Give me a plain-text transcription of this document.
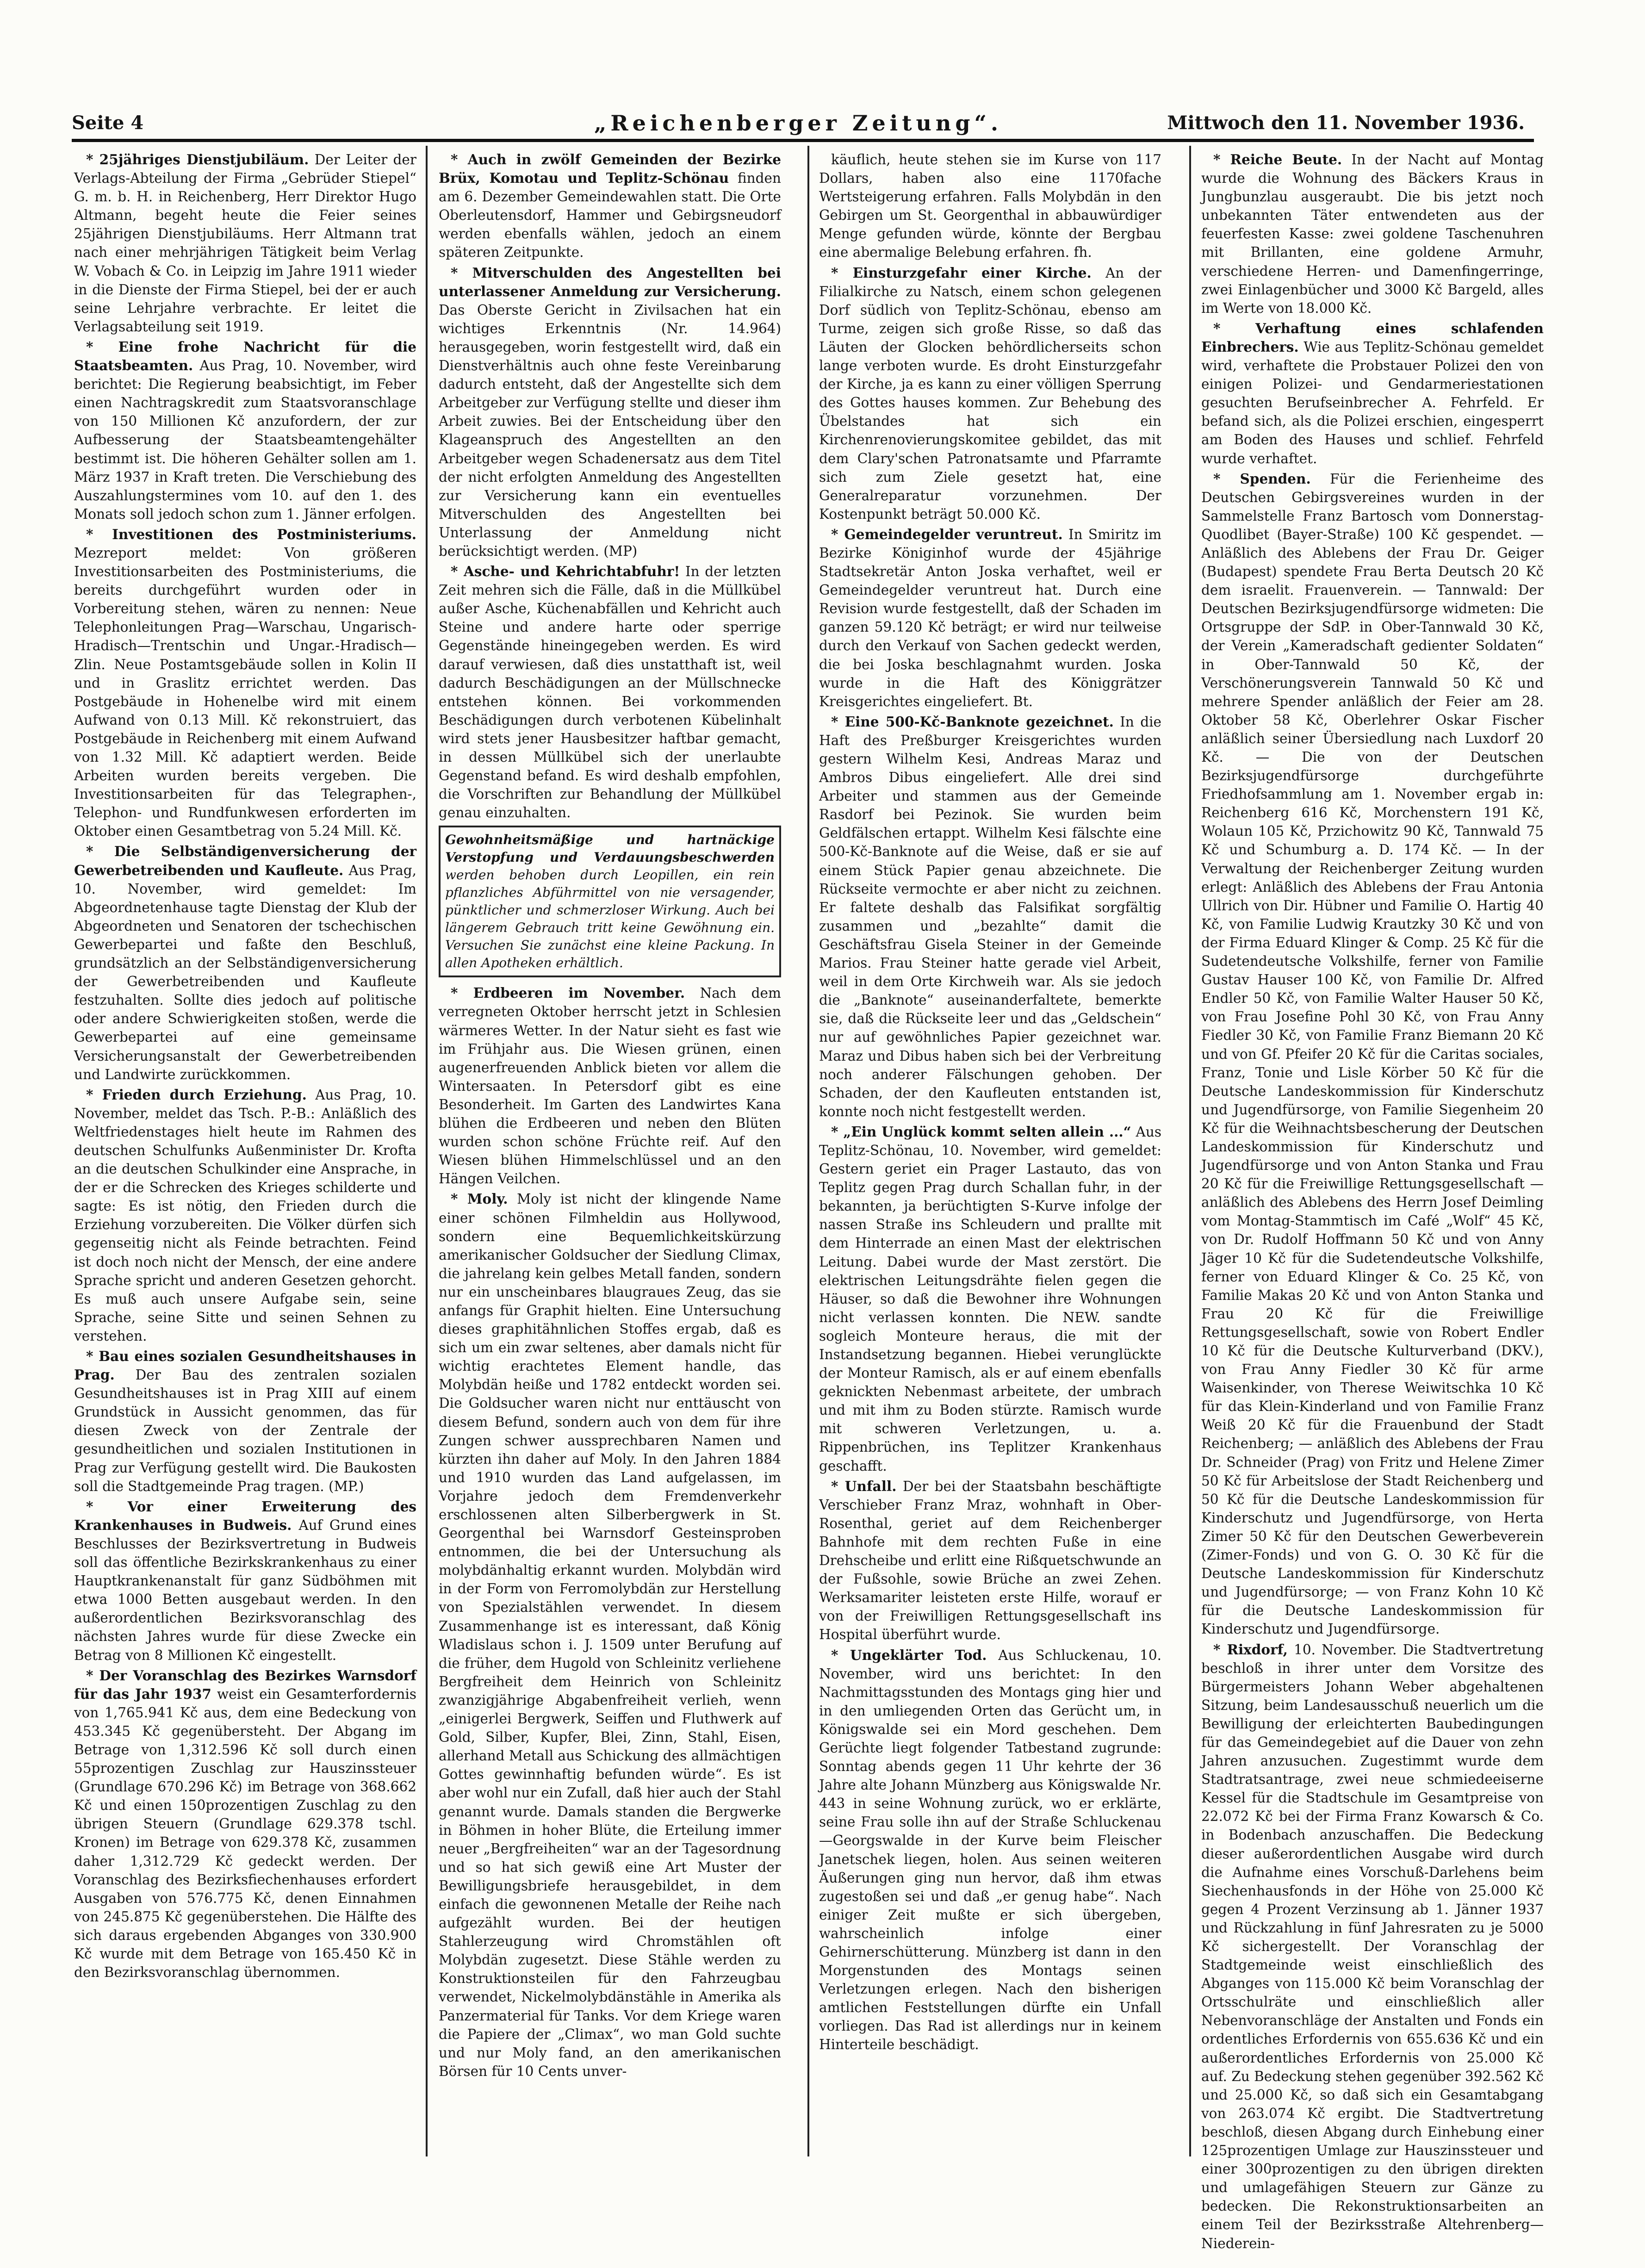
Seite 4	„Reichenberger Zeitung“.	Mittwoch den 11. November 1936.
* 25jähriges Dienstjubiläum. Der Leiter der Verlags-Abteilung der Firma „Gebrüder Stiepel“ G. m. b. H. in Reichenberg, Herr Direktor Hugo Altmann, begeht heute die Feier seines 25jährigen Dienstjubiläums. Herr Altmann trat nach einer mehrjährigen Tätigkeit beim Verlag W. Vobach & Co. in Leipzig im Jahre 1911 wieder in die Dienste der Firma Stiepel, bei der er auch seine Lehrjahre verbrachte. Er leitet die Verlagsabteilung seit 1919.
* Eine frohe Nachricht für die Staatsbeamten. Aus Prag, 10. November, wird berichtet: Die Regierung beabsichtigt, im Feber einen Nachtragskredit zum Staatsvoranschlage von 150 Millionen Kč anzufordern, der zur Aufbesserung der Staatsbeamtengehälter bestimmt ist. Die höheren Gehälter sollen am 1. März 1937 in Kraft treten. Die Verschiebung des Auszahlungstermines vom 10. auf den 1. des Monats soll jedoch schon zum 1. Jänner erfolgen.
* Investitionen des Postministeriums. Mezreport meldet: Von größeren Investitionsarbeiten des Postministeriums, die bereits durchgeführt wurden oder in Vorbereitung stehen, wären zu nennen: Neue Telephonleitungen Prag—Warschau, Ungarisch-Hradisch—Trentschin und Ungar.-Hradisch—Zlin. Neue Postamtsgebäude sollen in Kolin II und in Graslitz errichtet werden. Das Postgebäude in Hohenelbe wird mit einem Aufwand von 0.13 Mill. Kč rekonstruiert, das Postgebäude in Reichenberg mit einem Aufwand von 1.32 Mill. Kč adaptiert werden. Beide Arbeiten wurden bereits vergeben. Die Investitionsarbeiten für das Telegraphen-, Telephon- und Rundfunkwesen erforderten im Oktober einen Gesamtbetrag von 5.24 Mill. Kč.
* Die Selbständigenversicherung der Gewerbetreibenden und Kaufleute. Aus Prag, 10. November, wird gemeldet: Im Abgeordnetenhause tagte Dienstag der Klub der Abgeordneten und Senatoren der tschechischen Gewerbepartei und faßte den Beschluß, grundsätzlich an der Selbständigenversicherung der Gewerbetreibenden und Kaufleute festzuhalten. Sollte dies jedoch auf politische oder andere Schwierigkeiten stoßen, werde die Gewerbepartei auf eine gemeinsame Versicherungsanstalt der Gewerbetreibenden und Landwirte zurückkommen.
* Frieden durch Erziehung. Aus Prag, 10. November, meldet das Tsch. P.-B.: Anläßlich des Weltfriedenstages hielt heute im Rahmen des deutschen Schulfunks Außenminister Dr. Krofta an die deutschen Schulkinder eine Ansprache, in der er die Schrecken des Krieges schilderte und sagte: Es ist nötig, den Frieden durch die Erziehung vorzubereiten. Die Völker dürfen sich gegenseitig nicht als Feinde betrachten. Feind ist doch noch nicht der Mensch, der eine andere Sprache spricht und anderen Gesetzen gehorcht. Es muß auch unsere Aufgabe sein, seine Sprache, seine Sitte und seinen Sehnen zu verstehen.
* Bau eines sozialen Gesundheitshauses in Prag. Der Bau des zentralen sozialen Gesundheitshauses ist in Prag XIII auf einem Grundstück in Aussicht genommen, das für diesen Zweck von der Zentrale der gesundheitlichen und sozialen Institutionen in Prag zur Verfügung gestellt wird. Die Baukosten soll die Stadtgemeinde Prag tragen. (MP.)
* Vor einer Erweiterung des Krankenhauses in Budweis. Auf Grund eines Beschlusses der Bezirksvertretung in Budweis soll das öffentliche Bezirkskrankenhaus zu einer Hauptkrankenanstalt für ganz Südböhmen mit etwa 1000 Betten ausgebaut werden. In den außerordentlichen Bezirksvoranschlag des nächsten Jahres wurde für diese Zwecke ein Betrag von 8 Millionen Kč eingestellt.
* Der Voranschlag des Bezirkes Warnsdorf für das Jahr 1937 weist ein Gesamterfordernis von 1,765.941 Kč aus, dem eine Bedeckung von 453.345 Kč gegenübersteht. Der Abgang im Betrage von 1,312.596 Kč soll durch einen 55prozentigen Zuschlag zur Hauszinssteuer (Grundlage 670.296 Kč) im Betrage von 368.662 Kč und einen 150prozentigen Zuschlag zu den übrigen Steuern (Grundlage 629.378 tschl. Kronen) im Betrage von 629.378 Kč, zusammen daher 1,312.729 Kč gedeckt werden. Der Voranschlag des Bezirksfiechenhauses erfordert Ausgaben von 576.775 Kč, denen Einnahmen von 245.875 Kč gegenüberstehen. Die Hälfte des sich daraus ergebenden Abganges von 330.900 Kč wurde mit dem Betrage von 165.450 Kč in den Bezirksvoranschlag übernommen.
* Auch in zwölf Gemeinden der Bezirke Brüx, Komotau und Teplitz-Schönau finden am 6. Dezember Gemeindewahlen statt. Die Orte Oberleutensdorf, Hammer und Gebirgsneudorf werden ebenfalls wählen, jedoch an einem späteren Zeitpunkte.
* Mitverschulden des Angestellten bei unterlassener Anmeldung zur Versicherung. Das Oberste Gericht in Zivilsachen hat ein wichtiges Erkenntnis (Nr. 14.964) herausgegeben, worin festgestellt wird, daß ein Dienstverhältnis auch ohne feste Vereinbarung dadurch entsteht, daß der Angestellte sich dem Arbeitgeber zur Verfügung stellte und dieser ihm Arbeit zuwies. Bei der Entscheidung über den Klageanspruch des Angestellten an den Arbeitgeber wegen Schadenersatz aus dem Titel der nicht erfolgten Anmeldung des Angestellten zur Versicherung kann ein eventuelles Mitverschulden des Angestellten bei Unterlassung der Anmeldung nicht berücksichtigt werden. (MP)
* Asche- und Kehrichtabfuhr! In der letzten Zeit mehren sich die Fälle, daß in die Müllkübel außer Asche, Küchenabfällen und Kehricht auch Steine und andere harte oder sperrige Gegenstände hineingegeben werden. Es wird darauf verwiesen, daß dies unstatthaft ist, weil dadurch Beschädigungen an der Müllschnecke entstehen können. Bei vorkommenden Beschädigungen durch verbotenen Kübelinhalt wird stets jener Hausbesitzer haftbar gemacht, in dessen Müllkübel sich der unerlaubte Gegenstand befand. Es wird deshalb empfohlen, die Vorschriften zur Behandlung der Müllkübel genau einzuhalten.
Gewohnheitsmäßige und hartnäckige Verstopfung und Verdauungsbeschwerden werden behoben durch Leopillen, ein rein pflanzliches Abführmittel von nie versagender, pünktlicher und schmerzloser Wirkung. Auch bei längerem Gebrauch tritt keine Gewöhnung ein. Versuchen Sie zunächst eine kleine Packung. In allen Apotheken erhältlich.
* Erdbeeren im November. Nach dem verregneten Oktober herrscht jetzt in Schlesien wärmeres Wetter. In der Natur sieht es fast wie im Frühjahr aus. Die Wiesen grünen, einen augenerfreuenden Anblick bieten vor allem die Wintersaaten. In Petersdorf gibt es eine Besonderheit. Im Garten des Landwirtes Kana blühen die Erdbeeren und neben den Blüten wurden schon schöne Früchte reif. Auf den Wiesen blühen Himmelschlüssel und an den Hängen Veilchen.
* Moly. Moly ist nicht der klingende Name einer schönen Filmheldin aus Hollywood, sondern eine Bequemlichkeitskürzung amerikanischer Goldsucher der Siedlung Climax, die jahrelang kein gelbes Metall fanden, sondern nur ein unscheinbares blaugraues Zeug, das sie anfangs für Graphit hielten. Eine Untersuchung dieses graphitähnlichen Stoffes ergab, daß es sich um ein zwar seltenes, aber damals nicht für wichtig erachtetes Element handle, das Molybdän heiße und 1782 entdeckt worden sei. Die Goldsucher waren nicht nur enttäuscht von diesem Befund, sondern auch von dem für ihre Zungen schwer aussprechbaren Namen und kürzten ihn daher auf Moly. In den Jahren 1884 und 1910 wurden das Land aufgelassen, im Vorjahre jedoch dem Fremdenverkehr erschlossenen alten Silberbergwerk in St. Georgenthal bei Warnsdorf Gesteinsproben entnommen, die bei der Untersuchung als molybdänhaltig erkannt wurden. Molybdän wird in der Form von Ferromolybdän zur Herstellung von Spezialstählen verwendet. In diesem Zusammenhange ist es interessant, daß König Wladislaus schon i. J. 1509 unter Berufung auf die früher, dem Hugold von Schleinitz verliehene Bergfreiheit dem Heinrich von Schleinitz zwanzigjährige Abgabenfreiheit verlieh, wenn „einigerlei Bergwerk, Seiffen und Fluthwerk auf Gold, Silber, Kupfer, Blei, Zinn, Stahl, Eisen, allerhand Metall aus Schickung des allmächtigen Gottes gewinnhaftig befunden würde“. Es ist aber wohl nur ein Zufall, daß hier auch der Stahl genannt wurde. Damals standen die Bergwerke in Böhmen in hoher Blüte, die Erteilung immer neuer „Bergfreiheiten“ war an der Tagesordnung und so hat sich gewiß eine Art Muster der Bewilligungsbriefe herausgebildet, in dem einfach die gewonnenen Metalle der Reihe nach aufgezählt wurden. Bei der heutigen Stahlerzeugung wird Chromstählen oft Molybdän zugesetzt. Diese Stähle werden zu Konstruktionsteilen für den Fahrzeugbau verwendet, Nickelmolybdänstähle in Amerika als Panzermaterial für Tanks. Vor dem Kriege waren die Papiere der „Climax“, wo man Gold suchte und nur Moly fand, an den amerikanischen Börsen für 10 Cents unver-
käuflich, heute stehen sie im Kurse von 117 Dollars, haben also eine 1170fache Wertsteigerung erfahren. Falls Molybdän in den Gebirgen um St. Georgenthal in abbauwürdiger Menge gefunden würde, könnte der Bergbau eine abermalige Belebung erfahren. fh.
* Einsturzgefahr einer Kirche. An der Filialkirche zu Natsch, einem schon gelegenen Dorf südlich von Teplitz-Schönau, ebenso am Turme, zeigen sich große Risse, so daß das Läuten der Glocken behördlicherseits schon lange verboten wurde. Es droht Einsturzgefahr der Kirche, ja es kann zu einer völligen Sperrung des Gottes hauses kommen. Zur Behebung des Übelstandes hat sich ein Kirchenrenovierungskomitee gebildet, das mit dem Clary'schen Patronatsamte und Pfarramte sich zum Ziele gesetzt hat, eine Generalreparatur vorzunehmen. Der Kostenpunkt beträgt 50.000 Kč.
* Gemeindegelder veruntreut. In Smiritz im Bezirke Königinhof wurde der 45jährige Stadtsekretär Anton Joska verhaftet, weil er Gemeindegelder veruntreut hat. Durch eine Revision wurde festgestellt, daß der Schaden im ganzen 59.120 Kč beträgt; er wird nur teilweise durch den Verkauf von Sachen gedeckt werden, die bei Joska beschlagnahmt wurden. Joska wurde in die Haft des Königgrätzer Kreisgerichtes eingeliefert. Bt.
* Eine 500-Kč-Banknote gezeichnet. In die Haft des Preßburger Kreisgerichtes wurden gestern Wilhelm Kesi, Andreas Maraz und Ambros Dibus eingeliefert. Alle drei sind Arbeiter und stammen aus der Gemeinde Rasdorf bei Pezinok. Sie wurden beim Geldfälschen ertappt. Wilhelm Kesi fälschte eine 500-Kč-Banknote auf die Weise, daß er sie auf einem Stück Papier genau abzeichnete. Die Rückseite vermochte er aber nicht zu zeichnen. Er faltete deshalb das Falsifikat sorgfältig zusammen und „bezahlte“ damit die Geschäftsfrau Gisela Steiner in der Gemeinde Marios. Frau Steiner hatte gerade viel Arbeit, weil in dem Orte Kirchweih war. Als sie jedoch die „Banknote“ auseinanderfaltete, bemerkte sie, daß die Rückseite leer und das „Geldschein“ nur auf gewöhnliches Papier gezeichnet war. Maraz und Dibus haben sich bei der Verbreitung noch anderer Fälschungen gehoben. Der Schaden, der den Kaufleuten entstanden ist, konnte noch nicht festgestellt werden.
* „Ein Unglück kommt selten allein ...“ Aus Teplitz-Schönau, 10. November, wird gemeldet: Gestern geriet ein Prager Lastauto, das von Teplitz gegen Prag durch Schallan fuhr, in der bekannten, ja berüchtigten S-Kurve infolge der nassen Straße ins Schleudern und prallte mit dem Hinterrade an einen Mast der elektrischen Leitung. Dabei wurde der Mast zerstört. Die elektrischen Leitungsdrähte fielen gegen die Häuser, so daß die Bewohner ihre Wohnungen nicht verlassen konnten. Die NEW. sandte sogleich Monteure heraus, die mit der Instandsetzung begannen. Hiebei verunglückte der Monteur Ramisch, als er auf einem ebenfalls geknickten Nebenmast arbeitete, der umbrach und mit ihm zu Boden stürzte. Ramisch wurde mit schweren Verletzungen, u. a. Rippenbrüchen, ins Teplitzer Krankenhaus geschafft.
* Unfall. Der bei der Staatsbahn beschäftigte Verschieber Franz Mraz, wohnhaft in Ober-Rosenthal, geriet auf dem Reichenberger Bahnhofe mit dem rechten Fuße in eine Drehscheibe und erlitt eine Rißquetschwunde an der Fußsohle, sowie Brüche an zwei Zehen. Werksamariter leisteten erste Hilfe, worauf er von der Freiwilligen Rettungsgesellschaft ins Hospital überführt wurde.
* Ungeklärter Tod. Aus Schluckenau, 10. November, wird uns berichtet: In den Nachmittagsstunden des Montags ging hier und in den umliegenden Orten das Gerücht um, in Königswalde sei ein Mord geschehen. Dem Gerüchte liegt folgender Tatbestand zugrunde: Sonntag abends gegen 11 Uhr kehrte der 36 Jahre alte Johann Münzberg aus Königswalde Nr. 443 in seine Wohnung zurück, wo er erklärte, seine Frau solle ihn auf der Straße Schluckenau—Georgswalde in der Kurve beim Fleischer Janetschek liegen, holen. Aus seinen weiteren Äußerungen ging nun hervor, daß ihm etwas zugestoßen sei und daß „er genug habe“. Nach einiger Zeit mußte er sich übergeben, wahrscheinlich infolge einer Gehirnerschütterung. Münzberg ist dann in den Morgenstunden des Montags seinen Verletzungen erlegen. Nach den bisherigen amtlichen Feststellungen dürfte ein Unfall vorliegen. Das Rad ist allerdings nur in keinem Hinterteile beschädigt.
* Reiche Beute. In der Nacht auf Montag wurde die Wohnung des Bäckers Kraus in Jungbunzlau ausgeraubt. Die bis jetzt noch unbekannten Täter entwendeten aus der feuerfesten Kasse: zwei goldene Taschenuhren mit Brillanten, eine goldene Armuhr, verschiedene Herren- und Damenfingerringe, zwei Einlagenbücher und 3000 Kč Bargeld, alles im Werte von 18.000 Kč.
* Verhaftung eines schlafenden Einbrechers. Wie aus Teplitz-Schönau gemeldet wird, verhaftete die Probstauer Polizei den von einigen Polizei- und Gendarmeriestationen gesuchten Berufseinbrecher A. Fehrfeld. Er befand sich, als die Polizei erschien, eingesperrt am Boden des Hauses und schlief. Fehrfeld wurde verhaftet.
* Spenden. Für die Ferienheime des Deutschen Gebirgsvereines wurden in der Sammelstelle Franz Bartosch vom Donnerstag-Quodlibet (Bayer-Straße) 100 Kč gespendet. — Anläßlich des Ablebens der Frau Dr. Geiger (Budapest) spendete Frau Berta Deutsch 20 Kč dem israelit. Frauenverein. — Tannwald: Der Deutschen Bezirksjugendfürsorge widmeten: Die Ortsgruppe der SdP. in Ober-Tannwald 30 Kč, der Verein „Kameradschaft gedienter Soldaten“ in Ober-Tannwald 50 Kč, der Verschönerungsverein Tannwald 50 Kč und mehrere Spender anläßlich der Feier am 28. Oktober 58 Kč, Oberlehrer Oskar Fischer anläßlich seiner Übersiedlung nach Luxdorf 20 Kč. — Die von der Deutschen Bezirksjugendfürsorge durchgeführte Friedhofsammlung am 1. November ergab in: Reichenberg 616 Kč, Morchenstern 191 Kč, Wolaun 105 Kč, Przichowitz 90 Kč, Tannwald 75 Kč und Schumburg a. D. 174 Kč. — In der Verwaltung der Reichenberger Zeitung wurden erlegt: Anläßlich des Ablebens der Frau Antonia Ullrich von Dir. Hübner und Familie O. Hartig 40 Kč, von Familie Ludwig Krautzky 30 Kč und von der Firma Eduard Klinger & Comp. 25 Kč für die Sudetendeutsche Volkshilfe, ferner von Familie Gustav Hauser 100 Kč, von Familie Dr. Alfred Endler 50 Kč, von Familie Walter Hauser 50 Kč, von Frau Josefine Pohl 30 Kč, von Frau Anny Fiedler 30 Kč, von Familie Franz Biemann 20 Kč und von Gf. Pfeifer 20 Kč für die Caritas sociales, Franz, Tonie und Lisle Körber 50 Kč für die Deutsche Landeskommission für Kinderschutz und Jugendfürsorge, von Familie Siegenheim 20 Kč für die Weihnachtsbescherung der Deutschen Landeskommission für Kinderschutz und Jugendfürsorge und von Anton Stanka und Frau 20 Kč für die Freiwillige Rettungsgesellschaft — anläßlich des Ablebens des Herrn Josef Deimling vom Montag-Stammtisch im Café „Wolf“ 45 Kč, von Dr. Rudolf Hoffmann 50 Kč und von Anny Jäger 10 Kč für die Sudetendeutsche Volkshilfe, ferner von Eduard Klinger & Co. 25 Kč, von Familie Makas 20 Kč und von Anton Stanka und Frau 20 Kč für die Freiwillige Rettungsgesellschaft, sowie von Robert Endler 10 Kč für die Deutsche Kulturverband (DKV.), von Frau Anny Fiedler 30 Kč für arme Waisenkinder, von Therese Weiwitschka 10 Kč für das Klein-Kinderland und von Familie Franz Weiß 20 Kč für die Frauenbund der Stadt Reichenberg; — anläßlich des Ablebens der Frau Dr. Schneider (Prag) von Fritz und Helene Zimer 50 Kč für Arbeitslose der Stadt Reichenberg und 50 Kč für die Deutsche Landeskommission für Kinderschutz und Jugendfürsorge, von Herta Zimer 50 Kč für den Deutschen Gewerbeverein (Zimer-Fonds) und von G. O. 30 Kč für die Deutsche Landeskommission für Kinderschutz und Jugendfürsorge; — von Franz Kohn 10 Kč für die Deutsche Landeskommission für Kinderschutz und Jugendfürsorge.
* Rixdorf, 10. November. Die Stadtvertretung beschloß in ihrer unter dem Vorsitze des Bürgermeisters Johann Weber abgehaltenen Sitzung, beim Landesausschuß neuerlich um die Bewilligung der erleichterten Baubedingungen für das Gemeindegebiet auf die Dauer von zehn Jahren anzusuchen. Zugestimmt wurde dem Stadtratsantrage, zwei neue schmiedeeiserne Kessel für die Stadtschule im Gesamtpreise von 22.072 Kč bei der Firma Franz Kowarsch & Co. in Bodenbach anzuschaffen. Die Bedeckung dieser außerordentlichen Ausgabe wird durch die Aufnahme eines Vorschuß-Darlehens beim Siechenhausfonds in der Höhe von 25.000 Kč gegen 4 Prozent Verzinsung ab 1. Jänner 1937 und Rückzahlung in fünf Jahresraten zu je 5000 Kč sichergestellt. Der Voranschlag der Stadtgemeinde weist einschließlich des Abganges von 115.000 Kč beim Voranschlag der Ortsschulräte und einschließlich aller Nebenvoranschläge der Anstalten und Fonds ein ordentliches Erfordernis von 655.636 Kč und ein außerordentliches Erfordernis von 25.000 Kč auf. Zu Bedeckung stehen gegenüber 392.562 Kč und 25.000 Kč, so daß sich ein Gesamtabgang von 263.074 Kč ergibt. Die Stadtvertretung beschloß, diesen Abgang durch Einhebung einer 125prozentigen Umlage zur Hauszinssteuer und einer 300prozentigen zu den übrigen direkten und umlagefähigen Steuern zur Gänze zu bedecken. Die Rekonstruktionsarbeiten an einem Teil der Bezirksstraße Altehrenberg—Niederein-
